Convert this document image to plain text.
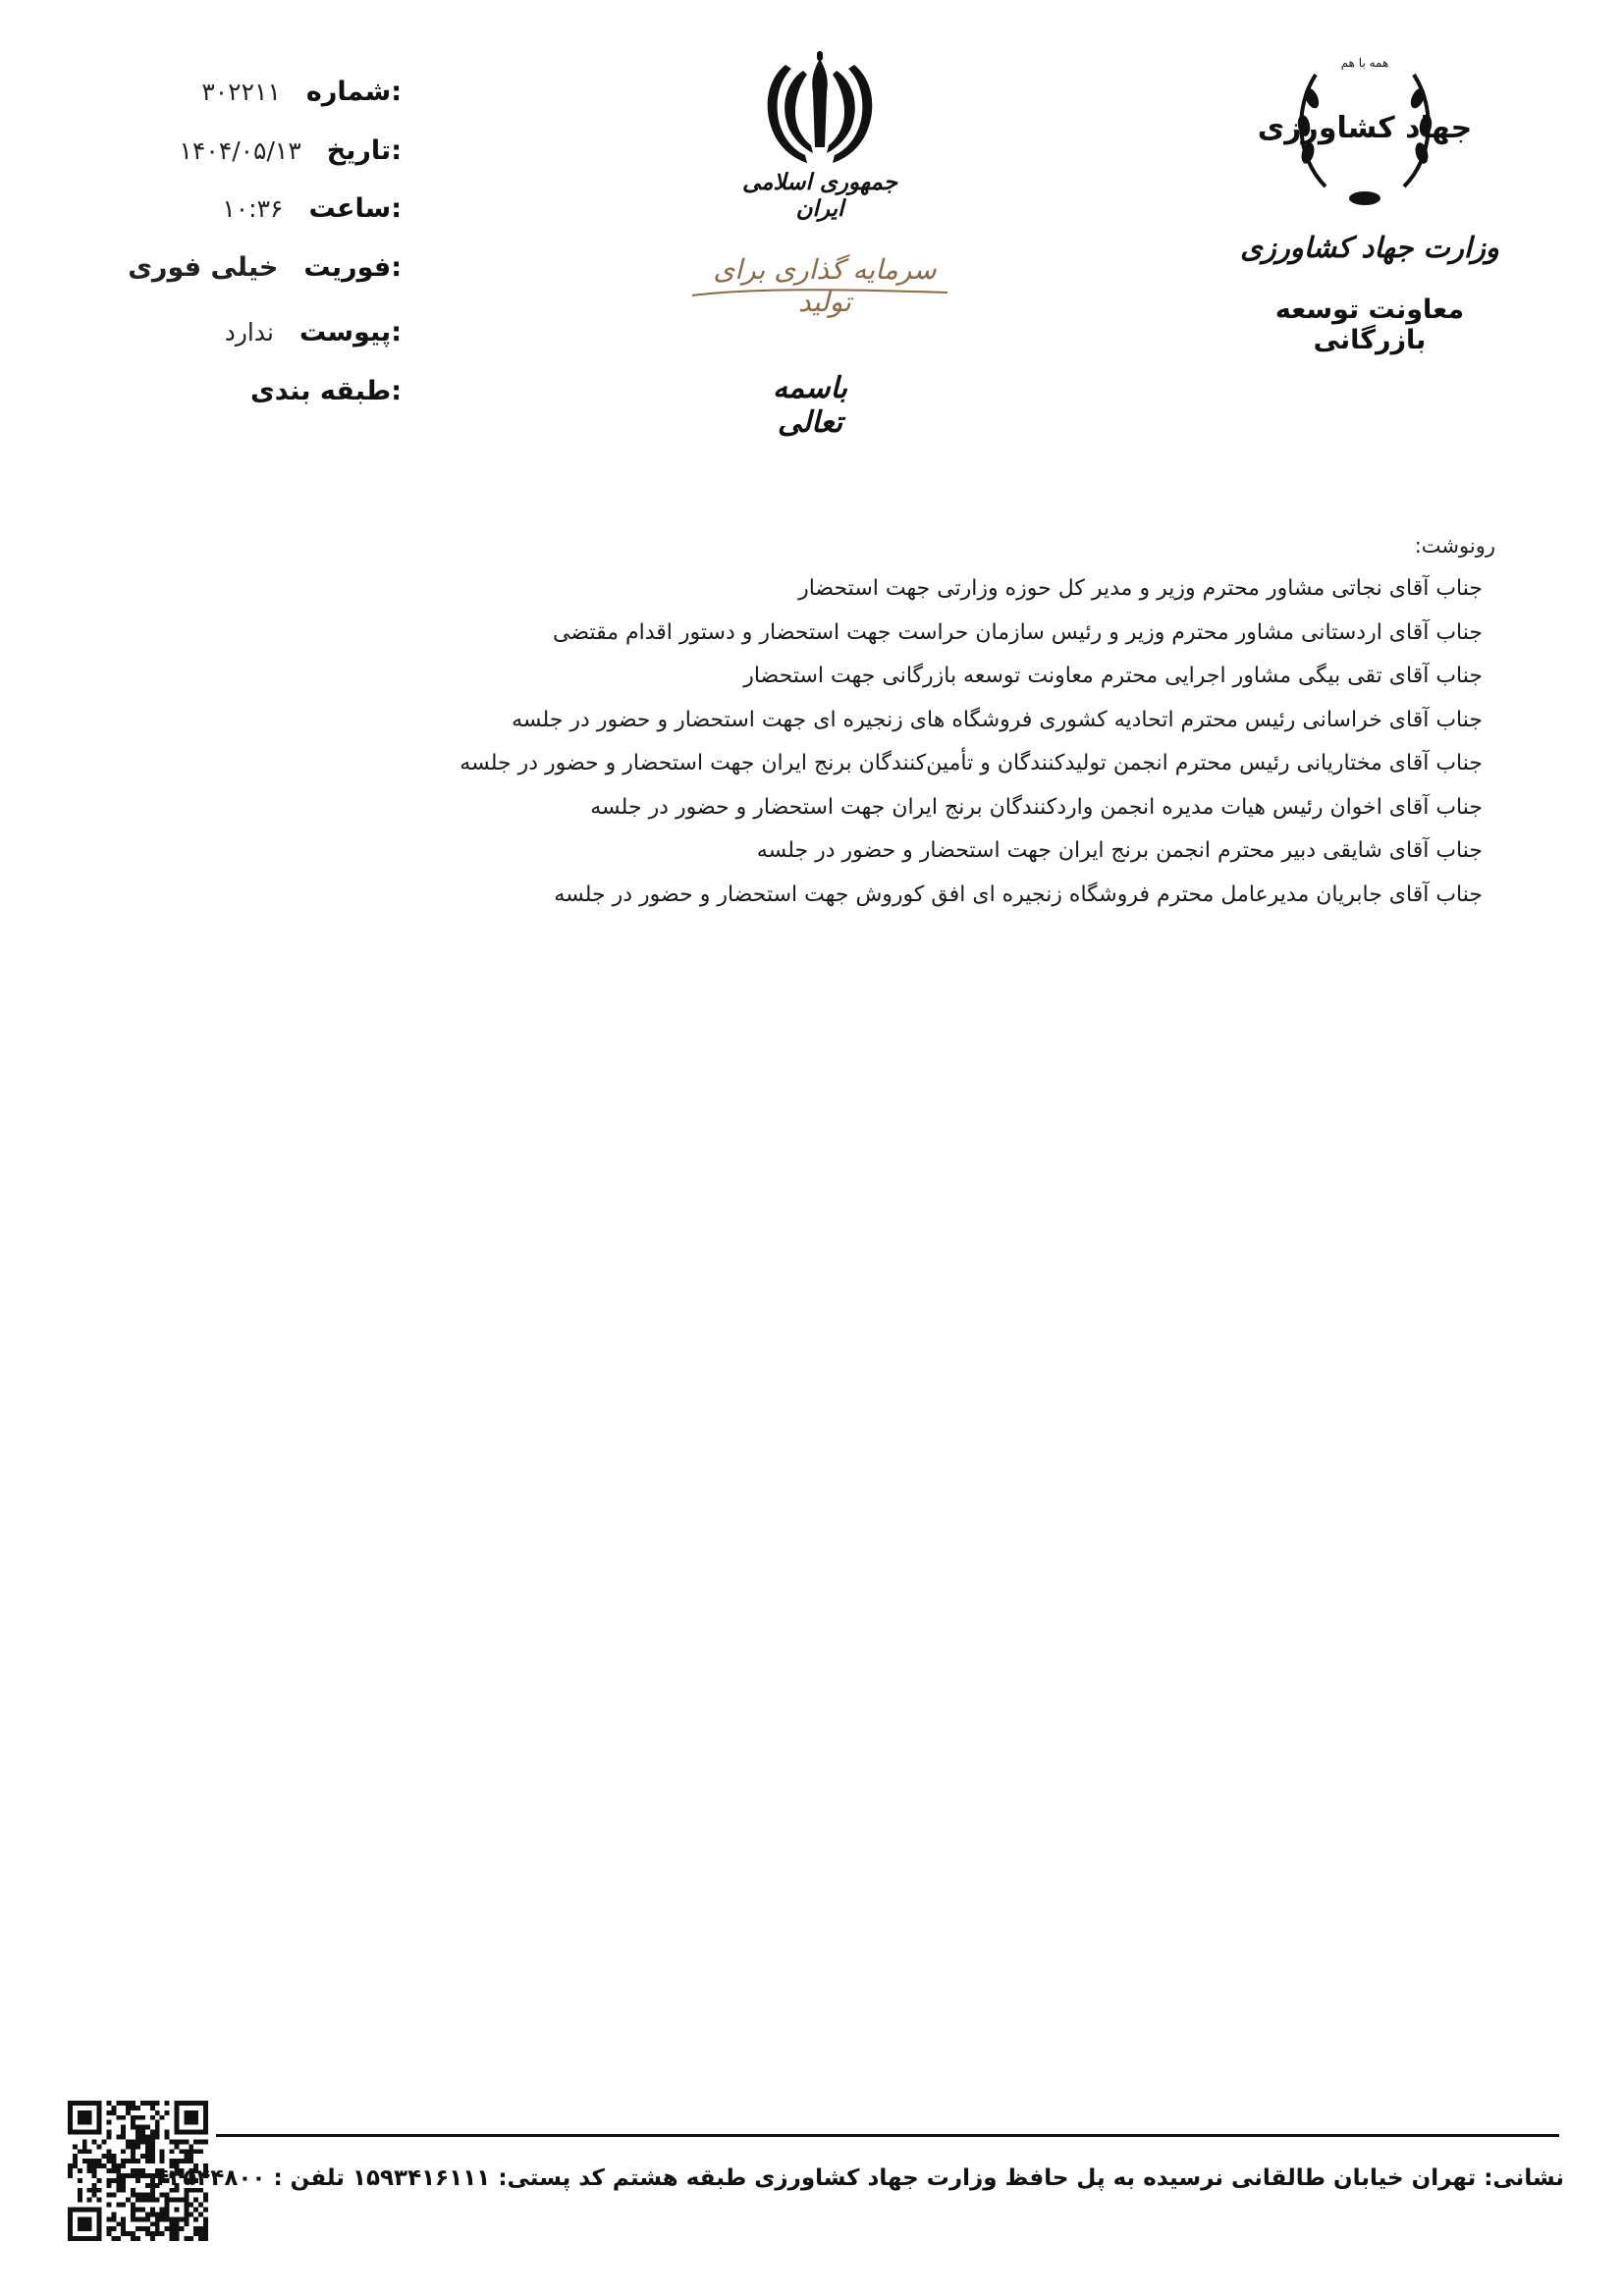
شماره:
۳۰۲۲۱۱
تاریخ:
۱۴۰۴/۰۵/۱۳
ساعت:
۱۰:۳۶
فوریت:
خیلی فوری
پیوست:
ندارد
طبقه بندی:
جمهوری اسلامی ایران
سرمایه گذاری برای تولید
باسمه تعالی
همه با هم
جهاد کشاورزی
وزارت جهاد کشاورزی
معاونت توسعه بازرگانی
رونوشت:
جناب آقای نجاتی مشاور محترم وزیر و مدیر کل حوزه وزارتی جهت استحضار
جناب آقای اردستانی مشاور محترم وزیر و رئیس سازمان حراست جهت استحضار و دستور اقدام مقتضی
جناب آقای تقی بیگی مشاور اجرایی محترم معاونت توسعه بازرگانی جهت استحضار
جناب آقای خراسانی رئیس محترم اتحادیه کشوری فروشگاه های زنجیره ای جهت استحضار و حضور در جلسه
جناب آقای مختاریانی رئیس محترم انجمن تولیدکنندگان و تأمین‌کنندگان برنج ایران جهت استحضار و حضور در جلسه
جناب آقای اخوان رئیس هیات مدیره انجمن واردکنندگان برنج ایران جهت استحضار و حضور در جلسه
جناب آقای شایقی دبیر محترم انجمن برنج ایران جهت استحضار و حضور در جلسه
جناب آقای جابریان مدیرعامل محترم فروشگاه زنجیره ای افق کوروش جهت استحضار و حضور در جلسه
نشانی: تهران خیابان طالقانی نرسیده به پل حافظ وزارت جهاد کشاورزی طبقه هشتم کد پستی: ۱۵۹۳۴۱۶۱۱۱ تلفن : ۴۳۵۴۴۸۰۰
